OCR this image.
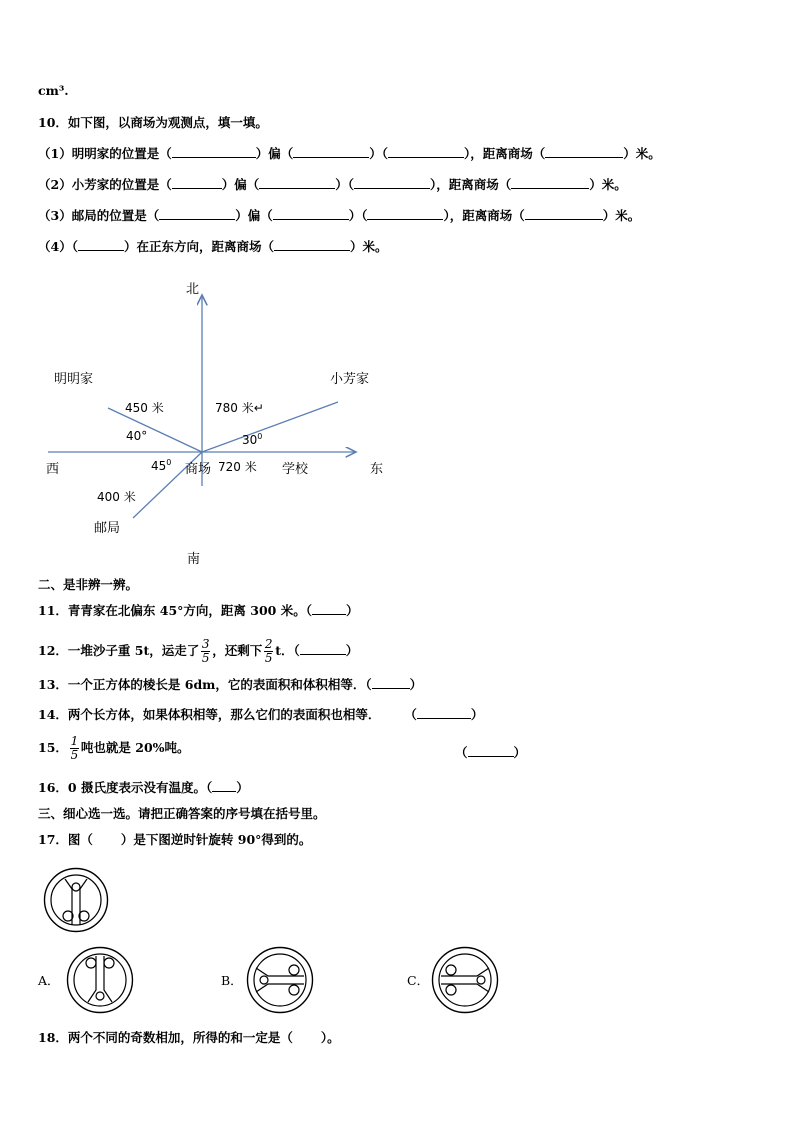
cm³.
10．如下图，以商场为观测点，填一填。
（1）明明家的位置是（	）偏（	）（	），距离商场（	）米。
（2）小芳家的位置是（	）偏（	）（	），距离商场（	）米。
（3）邮局的位置是（	）偏（	）（	），距离商场（	）米。
（4）（	）在正东方向，距离商场（	）米。
北
明明家	小芳家
450 米	780 米↵
40°	$30^0$
西	$45^0$ 商场 720 米 学校	东
400 米
邮局
南
二、是非辨一辨。
11．青青家在北偏东 45°方向，距离 300 米。（	）
12．一堆沙子重 5t，运走了 $\frac{3}{5}$ ，还剩下 $\frac{2}{5}$ t．（	）
13．一个正方体的棱长是 6dm，它的表面积和体积相等．（	）
14．两个长方体，如果体积相等，那么它们的表面积也相等． （	）
15． $\frac{1}{5}$ 吨也就是 20%吨。	（	）
16．0 摄氏度表示没有温度。（ ）
三、细心选一选。请把正确答案的序号填在括号里。
17．图（ ）是下图逆时针旋转 90°得到的。
A．	B．	C．
18．两个不同的奇数相加，所得的和一定是（ ）。
